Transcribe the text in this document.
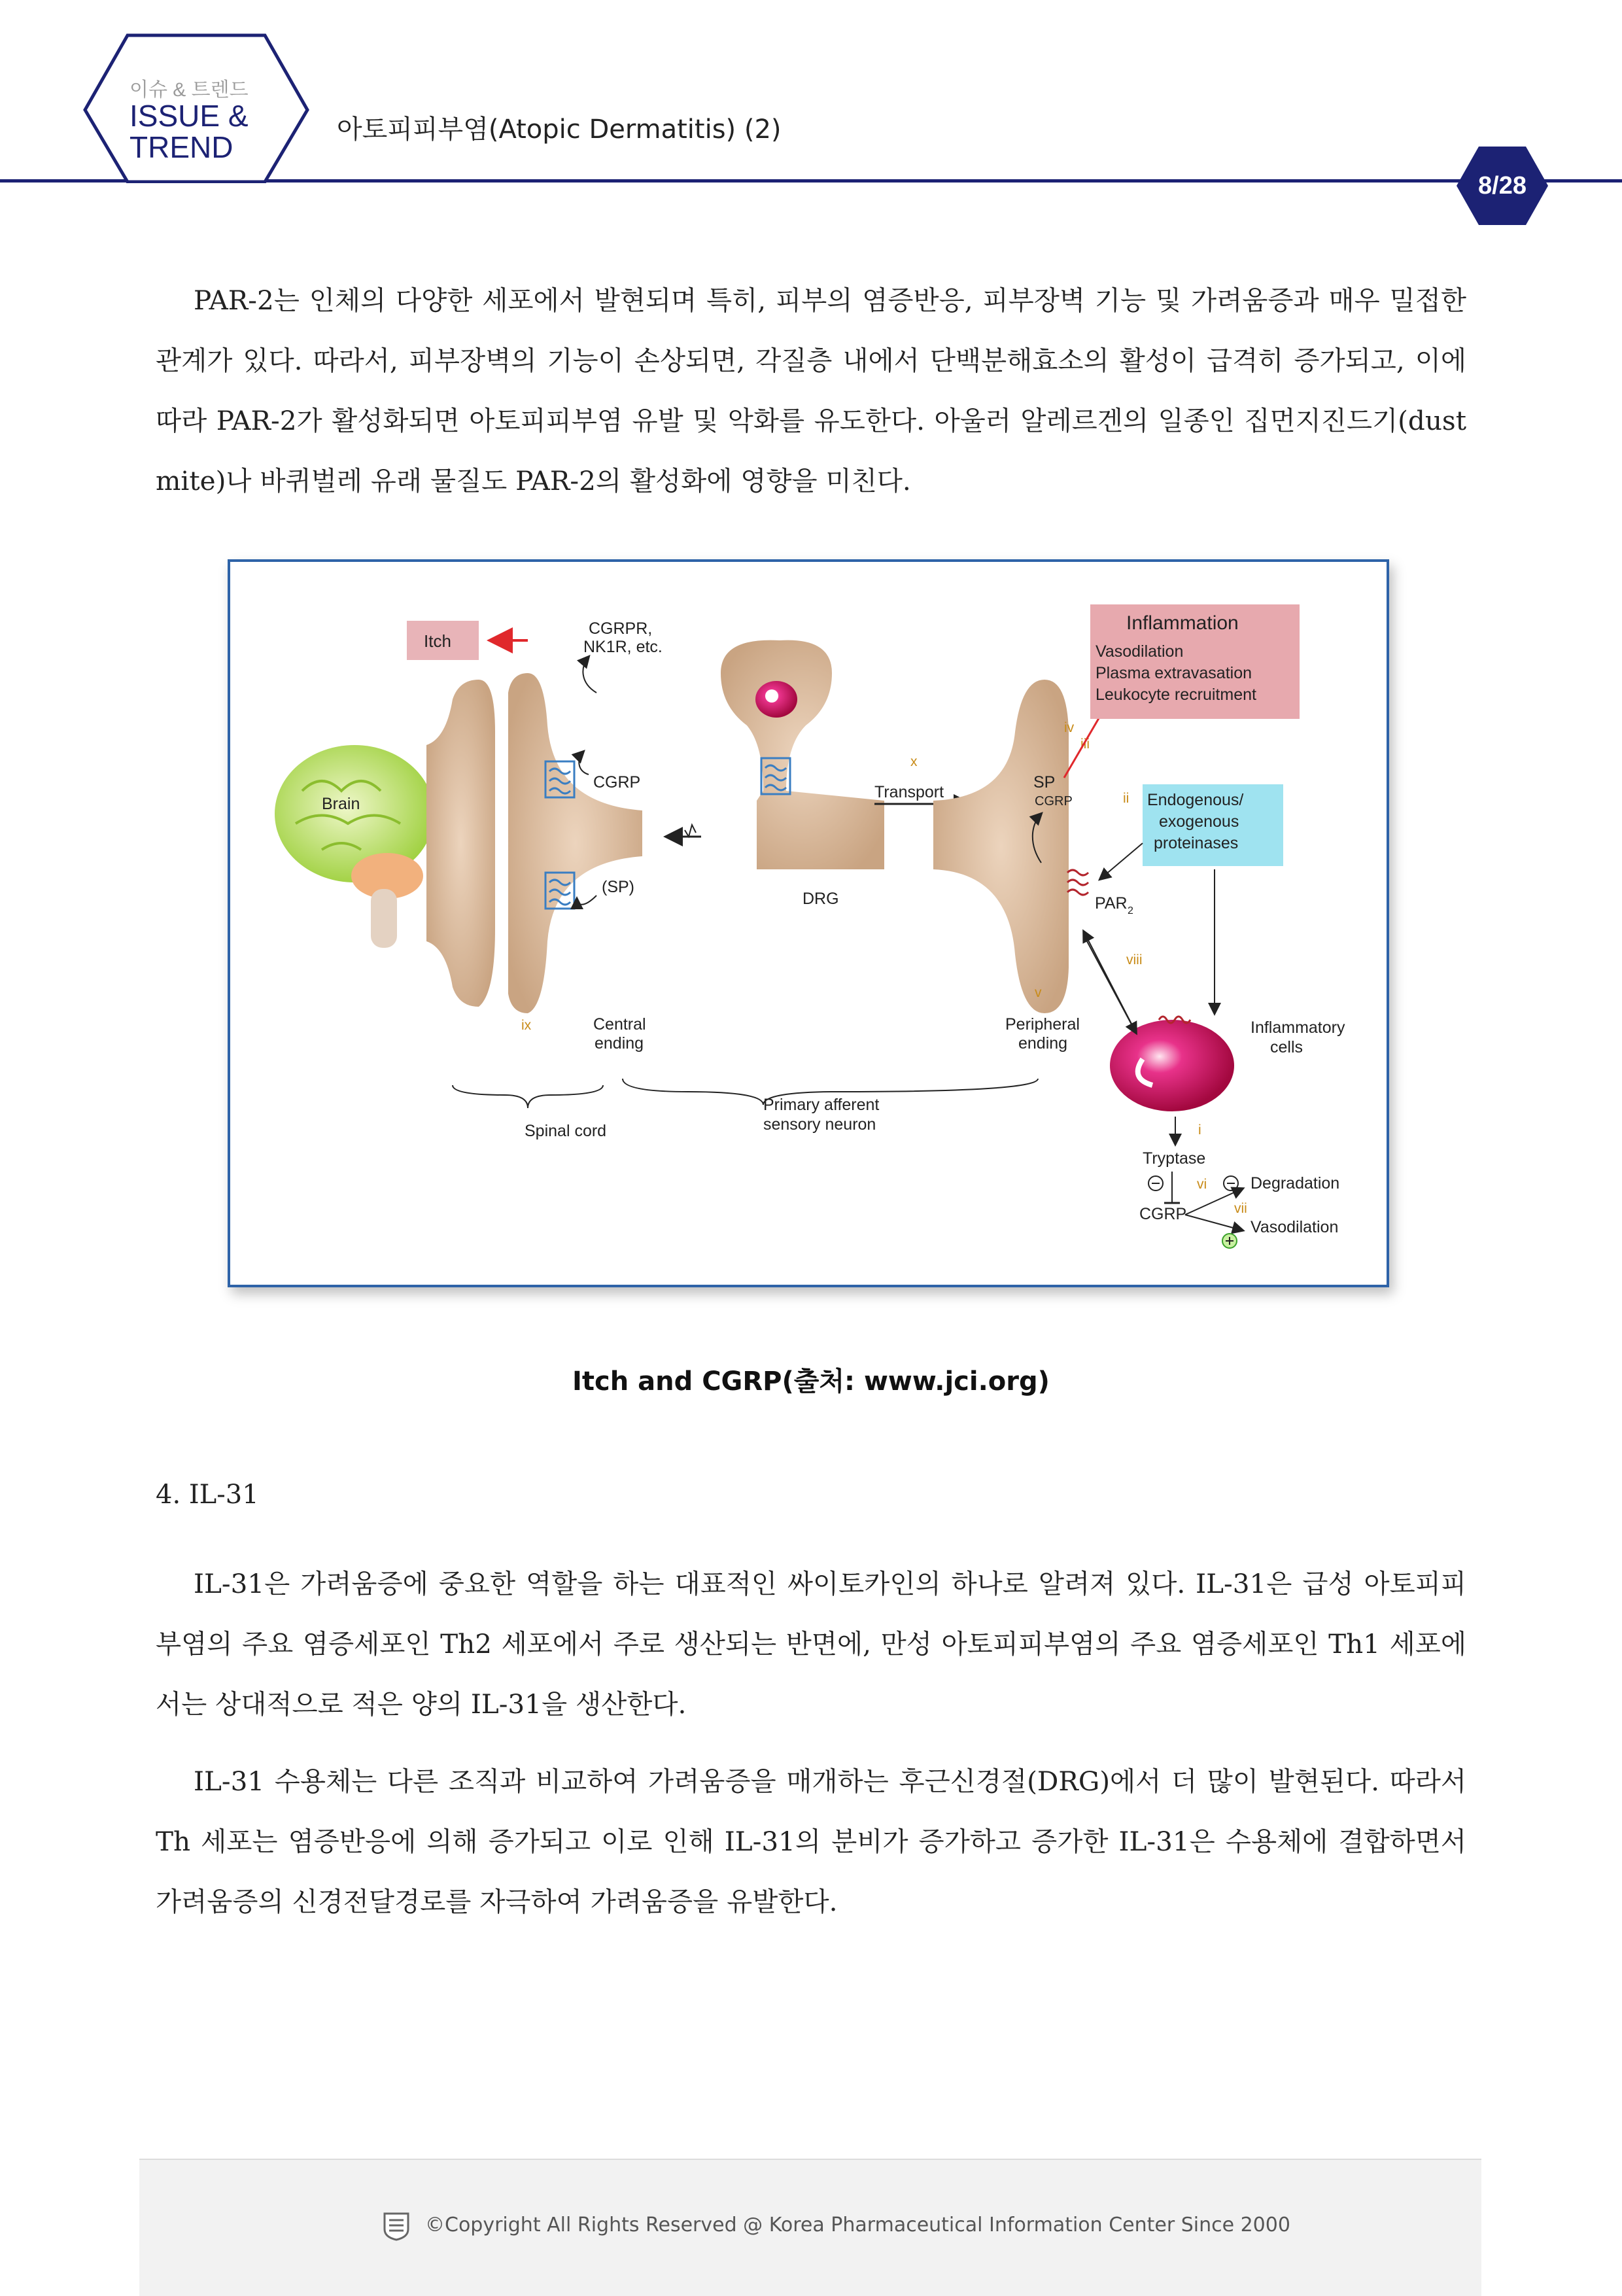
이슈 & 트렌드
ISSUE &
TREND
아토피피부염(Atopic Dermatitis) (2)
8/28
PAR-2는 인체의 다양한 세포에서 발현되며 특히, 피부의 염증반응, 피부장벽 기능 및 가려움증과 매우 밀접한 관계가 있다. 따라서, 피부장벽의 기능이 손상되면, 각질층 내에서 단백분해효소의 활성이 급격히 증가되고, 이에 따라 PAR-2가 활성화되면 아토피피부염 유발 및 악화를 유도한다. 아울러 알레르겐의 일종인 집먼지진드기(dust mite)나 바퀴벌레 유래 물질도 PAR-2의 활성화에 영향을 미친다.
Itch
CGRPR,
NK1R, etc.
Brain
CGRP
(SP)
x
Transport
DRG
iv
iii
SP
CGRP
PAR 2
viii
v
Inflammation
Vasodilation
Plasma extravasation
Leukocyte recruitment
ii Endogenous/
exogenous
proteinases
Inflammatory
cells
ix	Central
ending
Peripheral
ending
Spinal cord
Primary afferent
sensory neuron	i
Tryptase
vi	Degradation
CGRP	vii
Vasodilation
Itch and CGRP(출처: www.jci.org)
4. IL-31
IL-31은 가려움증에 중요한 역할을 하는 대표적인 싸이토카인의 하나로 알려져 있다. IL-31은 급성 아토피피부염의 주요 염증세포인 Th2 세포에서 주로 생산되는 반면에, 만성 아토피피부염의 주요 염증세포인 Th1 세포에서는 상대적으로 적은 양의 IL-31을 생산한다.
IL-31 수용체는 다른 조직과 비교하여 가려움증을 매개하는 후근신경절(DRG)에서 더 많이 발현된다. 따라서 Th 세포는 염증반응에 의해 증가되고 이로 인해 IL-31의 분비가 증가하고 증가한 IL-31은 수용체에 결합하면서 가려움증의 신경전달경로를 자극하여 가려움증을 유발한다.
©Copyright All Rights Reserved @ Korea Pharmaceutical Information Center Since 2000
